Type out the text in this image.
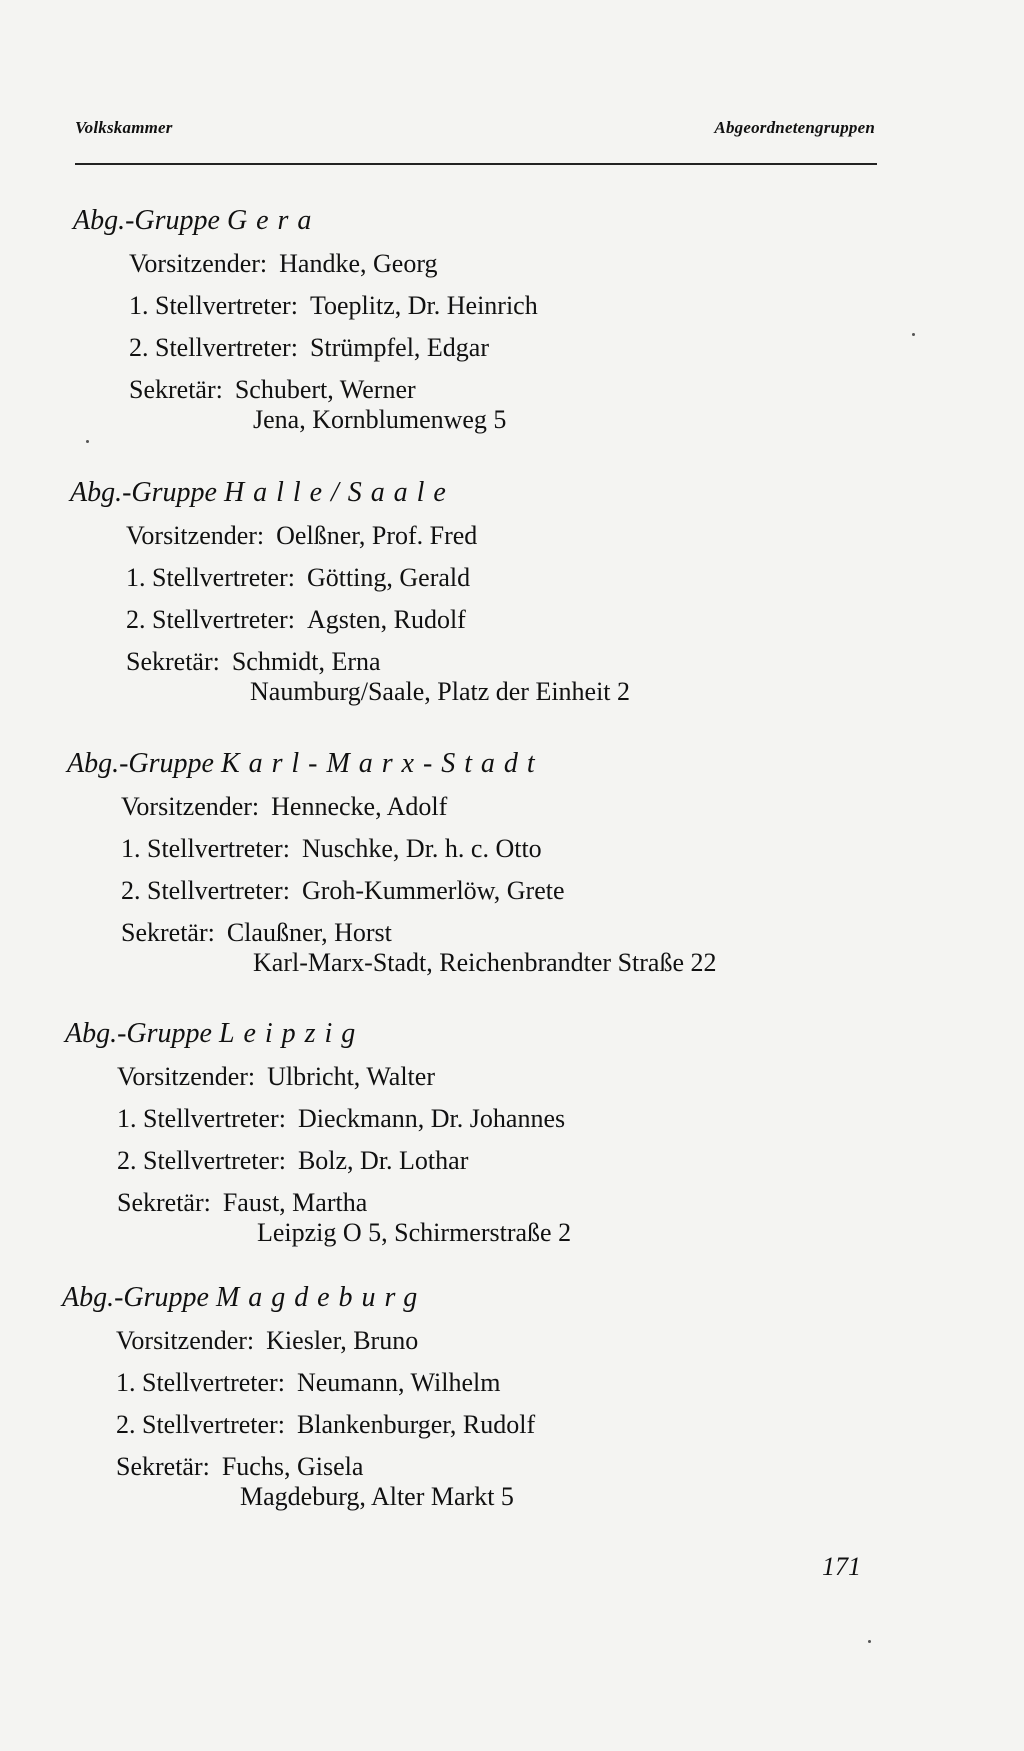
Volkskammer	Abgeordnetengruppen
Abg.-Gruppe Gera
Vorsitzender: Handke, Georg
1. Stellvertreter: Toeplitz, Dr. Heinrich
2. Stellvertreter: Strümpfel, Edgar
Sekretär: Schubert, Werner
Jena, Kornblumenweg 5
Abg.-Gruppe Halle/Saale
Vorsitzender: Oelßner, Prof. Fred
1. Stellvertreter: Götting, Gerald
2. Stellvertreter: Agsten, Rudolf
Sekretär: Schmidt, Erna
Naumburg/Saale, Platz der Einheit 2
Abg.-Gruppe Karl-Marx-Stadt
Vorsitzender: Hennecke, Adolf
1. Stellvertreter: Nuschke, Dr. h. c. Otto
2. Stellvertreter: Groh-Kummerlöw, Grete
Sekretär: Claußner, Horst
Karl-Marx-Stadt, Reichenbrandter Straße 22
Abg.-Gruppe Leipzig
Vorsitzender: Ulbricht, Walter
1. Stellvertreter: Dieckmann, Dr. Johannes
2. Stellvertreter: Bolz, Dr. Lothar
Sekretär: Faust, Martha
Leipzig O 5, Schirmerstraße 2
Abg.-Gruppe Magdeburg
Vorsitzender: Kiesler, Bruno
1. Stellvertreter: Neumann, Wilhelm
2. Stellvertreter: Blankenburger, Rudolf
Sekretär: Fuchs, Gisela
Magdeburg, Alter Markt 5
171
